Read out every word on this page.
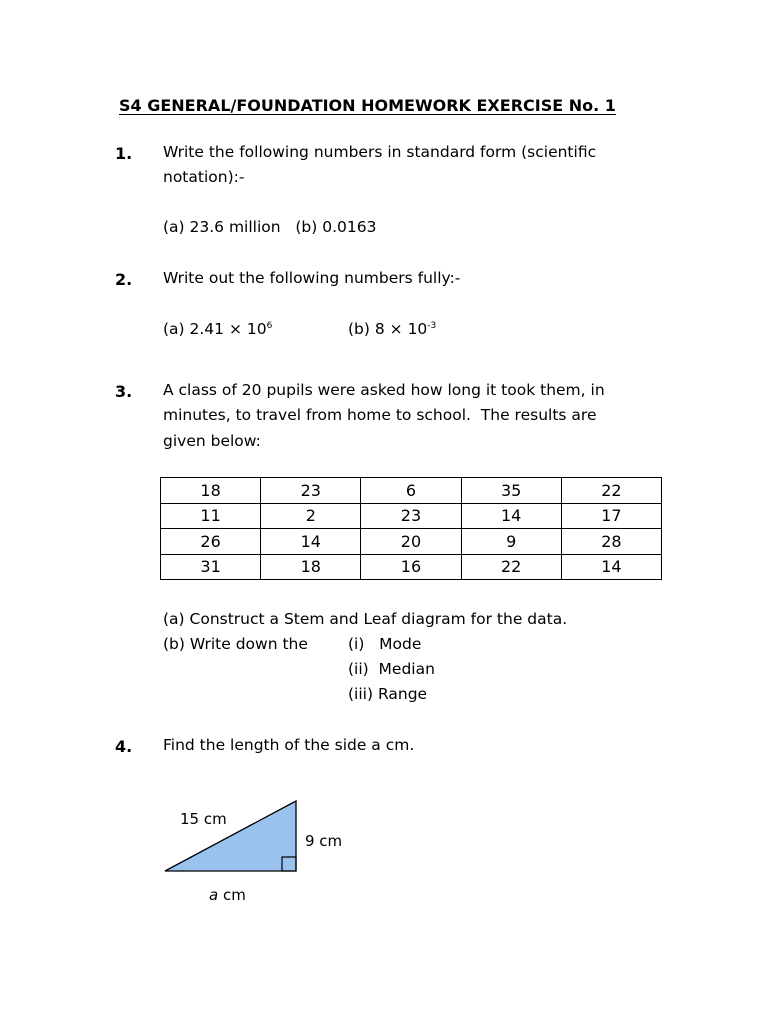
S4 GENERAL/FOUNDATION HOMEWORK EXERCISE No. 1
1. Write the following numbers in standard form (scientific
notation):-
(a) 23.6 million   (b) 0.0163
2. Write out the following numbers fully:-
(a) $2.41 \times 10^6$	(b) $8 \times 10^{-3}$
3. A class of 20 pupils were asked how long it took them, in
minutes, to travel from home to school.  The results are
given below:
18	23	6	35	22
11	2	23	14	17
26	14	20	9	28
31	18	16	22	14
(a) Construct a Stem and Leaf diagram for the data.
(b) Write down the	(i)   Mode
(ii)  Median
(iii) Range
4. Find the length of the side a cm.
15 cm
9 cm
a cm
